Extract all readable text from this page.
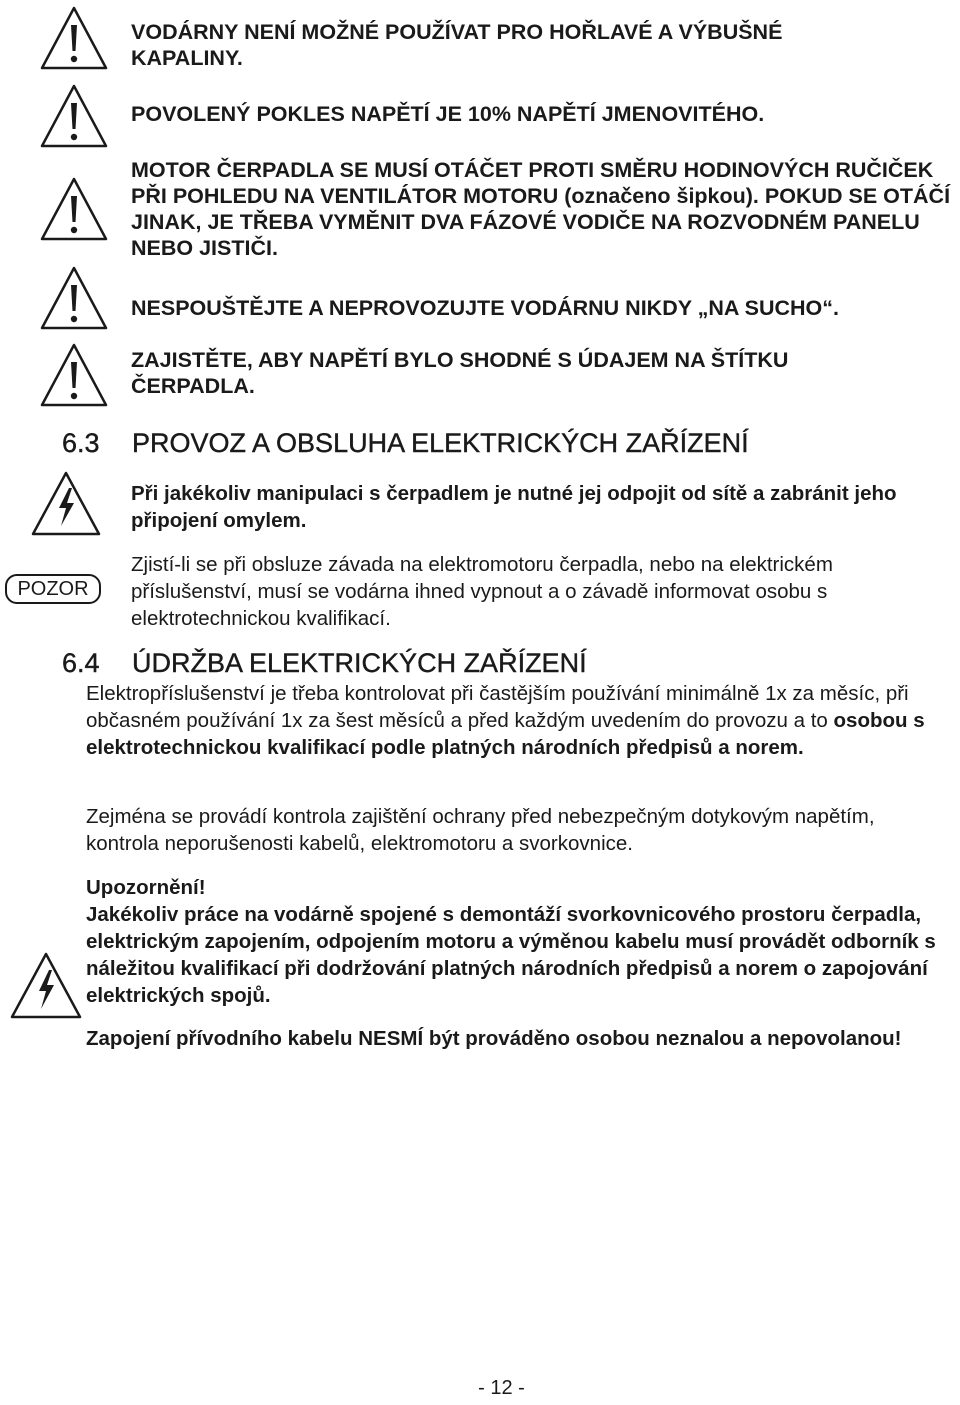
VODÁRNY NENÍ MOŽNÉ POUŽÍVAT PRO HOŘLAVÉ A VÝBUŠNÉ KAPALINY.
POVOLENÝ POKLES NAPĚTÍ JE 10% NAPĚTÍ JMENOVITÉHO.
MOTOR ČERPADLA SE MUSÍ OTÁČET PROTI SMĚRU HODINOVÝCH RUČIČEK PŘI POHLEDU NA VENTILÁTOR MOTORU (označeno šipkou). POKUD SE OTÁČÍ JINAK, JE TŘEBA VYMĚNIT DVA FÁZOVÉ VODIČE NA ROZVODNÉM PANELU NEBO JISTIČI.
NESPOUŠTĚJTE A NEPROVOZUJTE VODÁRNU NIKDY „NA SUCHO“.
ZAJISTĚTE, ABY NAPĚTÍ BYLO SHODNÉ S ÚDAJEM NA ŠTÍTKU ČERPADLA.
6.3 PROVOZ A OBSLUHA ELEKTRICKÝCH ZAŘÍZENÍ
Při jakékoliv manipulaci s čerpadlem je nutné jej odpojit od sítě a zabránit jeho připojení omylem.
POZOR
Zjistí-li se při obsluze závada na elektromotoru čerpadla, nebo na elektrickém příslušenství, musí se vodárna ihned vypnout a o závadě informovat osobu s elektrotechnickou kvalifikací.
6.4 ÚDRŽBA ELEKTRICKÝCH ZAŘÍZENÍ
Elektropříslušenství je třeba kontrolovat při častějším používání minimálně 1x za měsíc, při občasném používání 1x za šest měsíců a před každým uvedením do provozu a to osobou s elektrotechnickou kvalifikací podle platných národních předpisů a norem.
Zejména se provádí kontrola zajištění ochrany před nebezpečným dotykovým napětím, kontrola neporušenosti kabelů, elektromotoru a svorkovnice.
Upozornění!
Jakékoliv práce na vodárně spojené s demontáží svorkovnicového prostoru čerpadla, elektrickým zapojením, odpojením motoru a výměnou kabelu musí provádět odborník s náležitou kvalifikací při dodržování platných národních předpisů a norem o zapojování elektrických spojů.
Zapojení přívodního kabelu NESMÍ být prováděno osobou neznalou a nepovolanou!
- 12 -
